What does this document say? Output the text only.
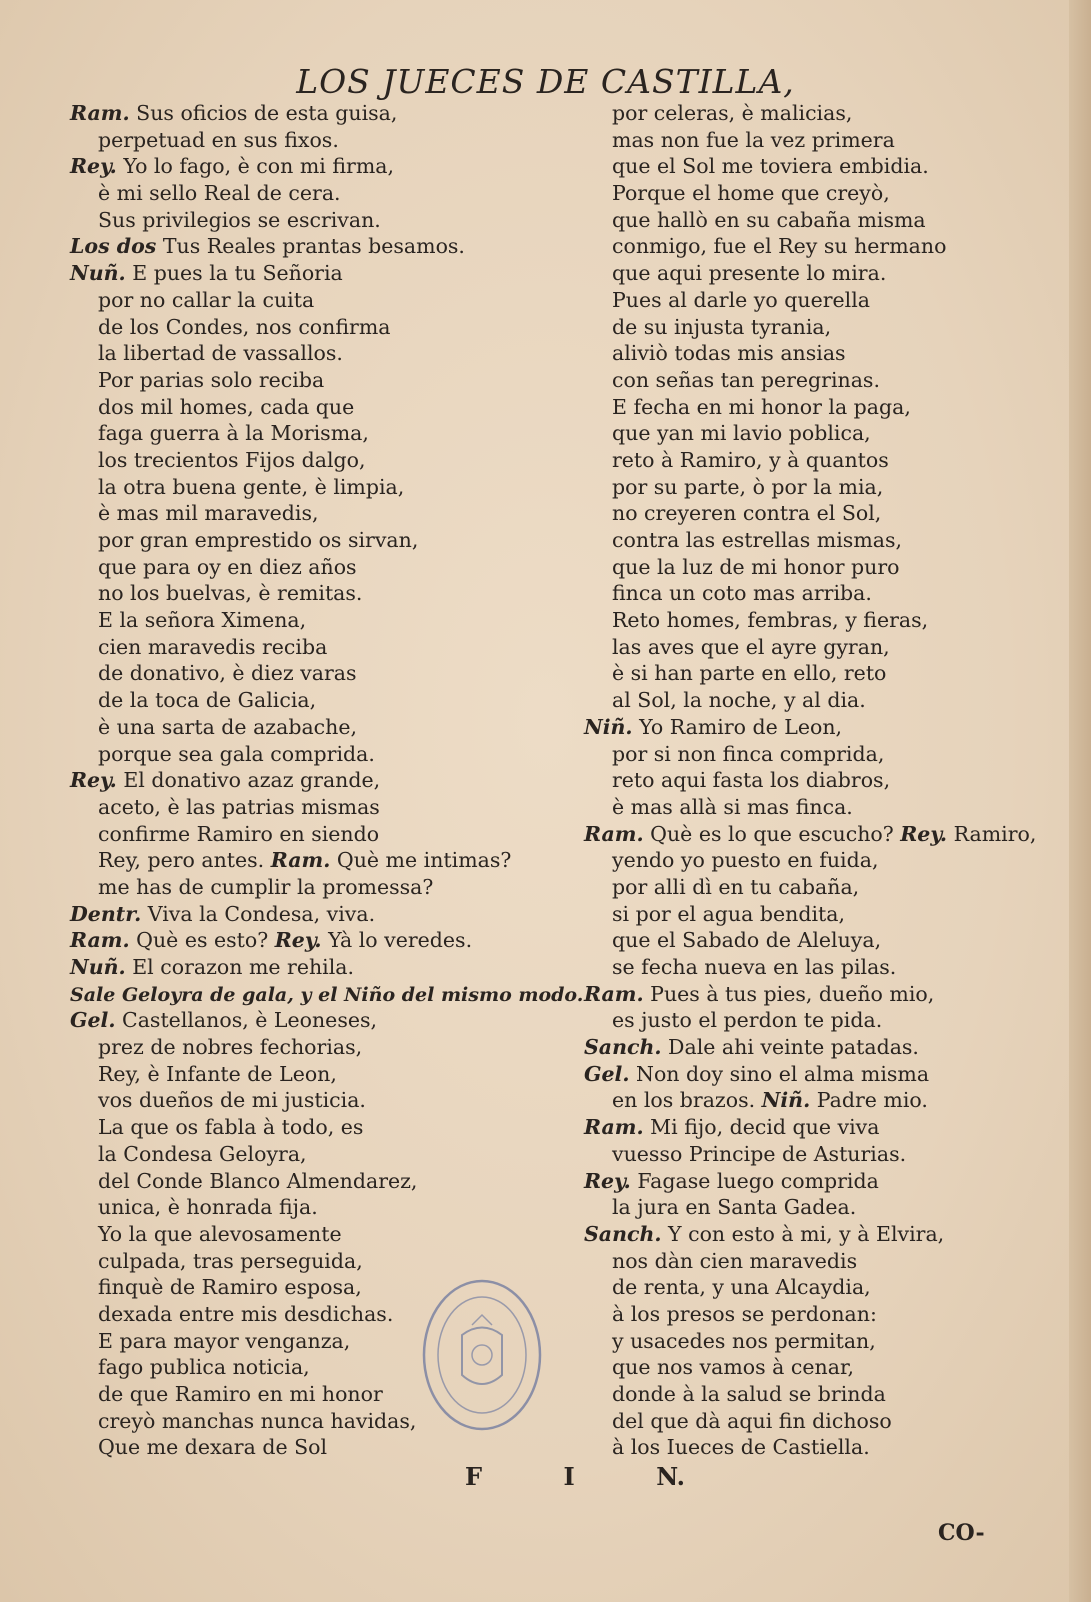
LOS JUECES DE CASTILLA,
Ram. Sus oficios de esta guisa,
perpetuad en sus fixos.
Rey. Yo lo fago, è con mi firma,
è mi sello Real de cera.
Sus privilegios se escrivan.
Los dos Tus Reales prantas besamos.
Nuñ. E pues la tu Señoria
por no callar la cuita
de los Condes, nos confirma
la libertad de vassallos.
Por parias solo reciba
dos mil homes, cada que
faga guerra à la Morisma,
los trecientos Fijos dalgo,
la otra buena gente, è limpia,
è mas mil maravedis,
por gran emprestido os sirvan,
que para oy en diez años
no los buelvas, è remitas.
E la señora Ximena,
cien maravedis reciba
de donativo, è diez varas
de la toca de Galicia,
è una sarta de azabache,
porque sea gala comprida.
Rey. El donativo azaz grande,
aceto, è las patrias mismas
confirme Ramiro en siendo
Rey, pero antes. Ram. Què me intimas?
me has de cumplir la promessa?
Dentr. Viva la Condesa, viva.
Ram. Què es esto? Rey. Yà lo veredes.
Nuñ. El corazon me rehila.
Sale Geloyra de gala, y el Niño del mismo modo.
Gel. Castellanos, è Leoneses,
prez de nobres fechorias,
Rey, è Infante de Leon,
vos dueños de mi justicia.
La que os fabla à todo, es
la Condesa Geloyra,
del Conde Blanco Almendarez,
unica, è honrada fija.
Yo la que alevosamente
culpada, tras perseguida,
finquè de Ramiro esposa,
dexada entre mis desdichas.
E para mayor venganza,
fago publica noticia,
de que Ramiro en mi honor
creyò manchas nunca havidas,
Que me dexara de Sol
por celeras, è malicias,
mas non fue la vez primera
que el Sol me toviera embidia.
Porque el home que creyò,
que hallò en su cabaña misma
conmigo, fue el Rey su hermano
que aqui presente lo mira.
Pues al darle yo querella
de su injusta tyrania,
aliviò todas mis ansias
con señas tan peregrinas.
E fecha en mi honor la paga,
que yan mi lavio poblica,
reto à Ramiro, y à quantos
por su parte, ò por la mia,
no creyeren contra el Sol,
contra las estrellas mismas,
que la luz de mi honor puro
finca un coto mas arriba.
Reto homes, fembras, y fieras,
las aves que el ayre gyran,
è si han parte en ello, reto
al Sol, la noche, y al dia.
Niñ. Yo Ramiro de Leon,
por si non finca comprida,
reto aqui fasta los diabros,
è mas allà si mas finca.
Ram. Què es lo que escucho? Rey. Ramiro,
yendo yo puesto en fuida,
por alli dì en tu cabaña,
si por el agua bendita,
que el Sabado de Aleluya,
se fecha nueva en las pilas.
Ram. Pues à tus pies, dueño mio,
es justo el perdon te pida.
Sanch. Dale ahi veinte patadas.
Gel. Non doy sino el alma misma
en los brazos. Niñ. Padre mio.
Ram. Mi fijo, decid que viva
vuesso Principe de Asturias.
Rey. Fagase luego comprida
la jura en Santa Gadea.
Sanch. Y con esto à mi, y à Elvira,
nos dàn cien maravedis
de renta, y una Alcaydia,
à los presos se perdonan:
y usacedes nos permitan,
que nos vamos à cenar,
donde à la salud se brinda
del que dà aqui fin dichoso
à los Iueces de Castiella.
F	I	N.
CO-
